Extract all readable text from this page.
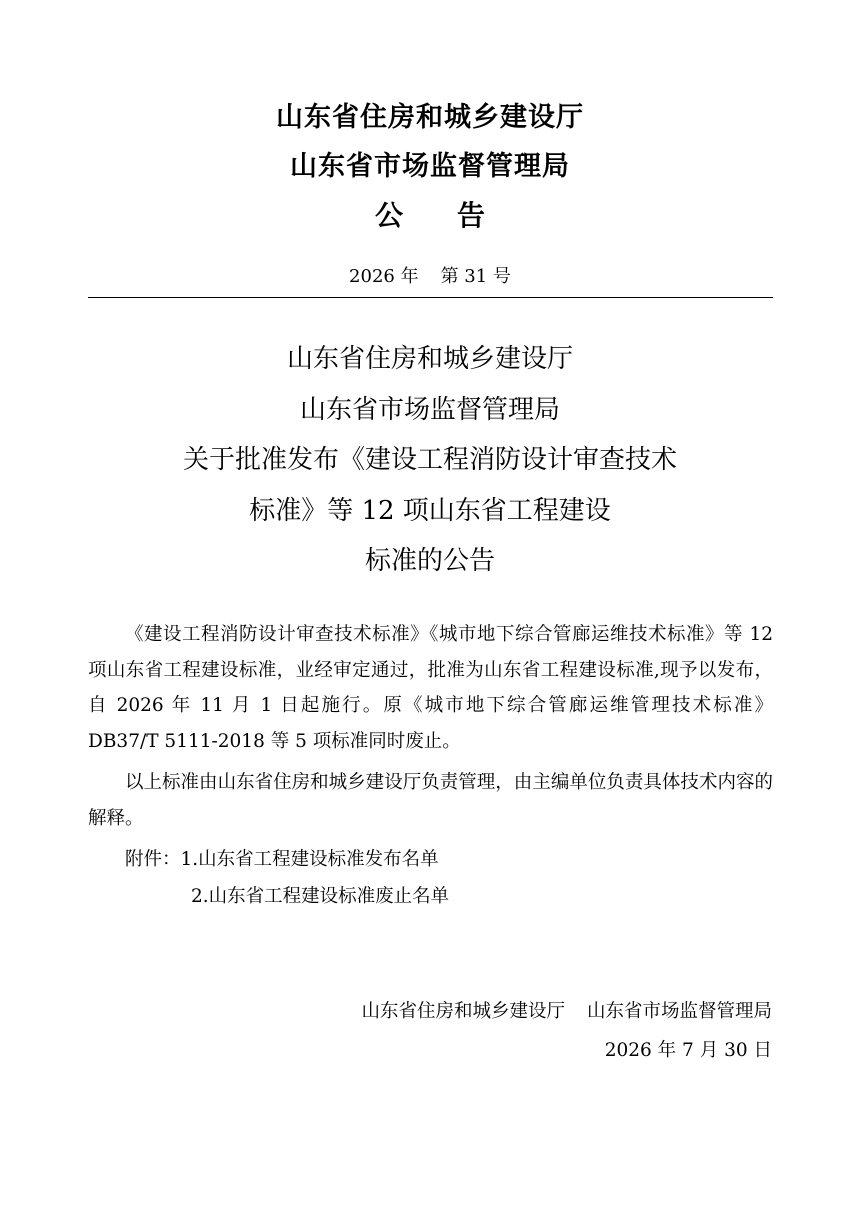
山东省住房和城乡建设厅
山东省市场监督管理局
公告
2026 年 第 31 号
山东省住房和城乡建设厅
山东省市场监督管理局
关于批准发布《建设工程消防设计审查技术
标准》等 12 项山东省工程建设
标准的公告

《建设工程消防设计审查技术标准》《城市地下综合管廊运维技术标准》等 12 项山东省工程建设标准，业经审定通过，批准为山东省工程建设标准,现予以发布，自 2026 年 11 月 1 日起施行。原《城市地下综合管廊运维管理技术标准》DB37/T 5111-2018 等 5 项标准同时废止。

以上标准由山东省住房和城乡建设厅负责管理，由主编单位负责具体技术内容的解释。

附件：1.山东省工程建设标准发布名单
2.山东省工程建设标准废止名单
山东省住房和城乡建设厅 山东省市场监督管理局
2026 年 7 月 30 日
